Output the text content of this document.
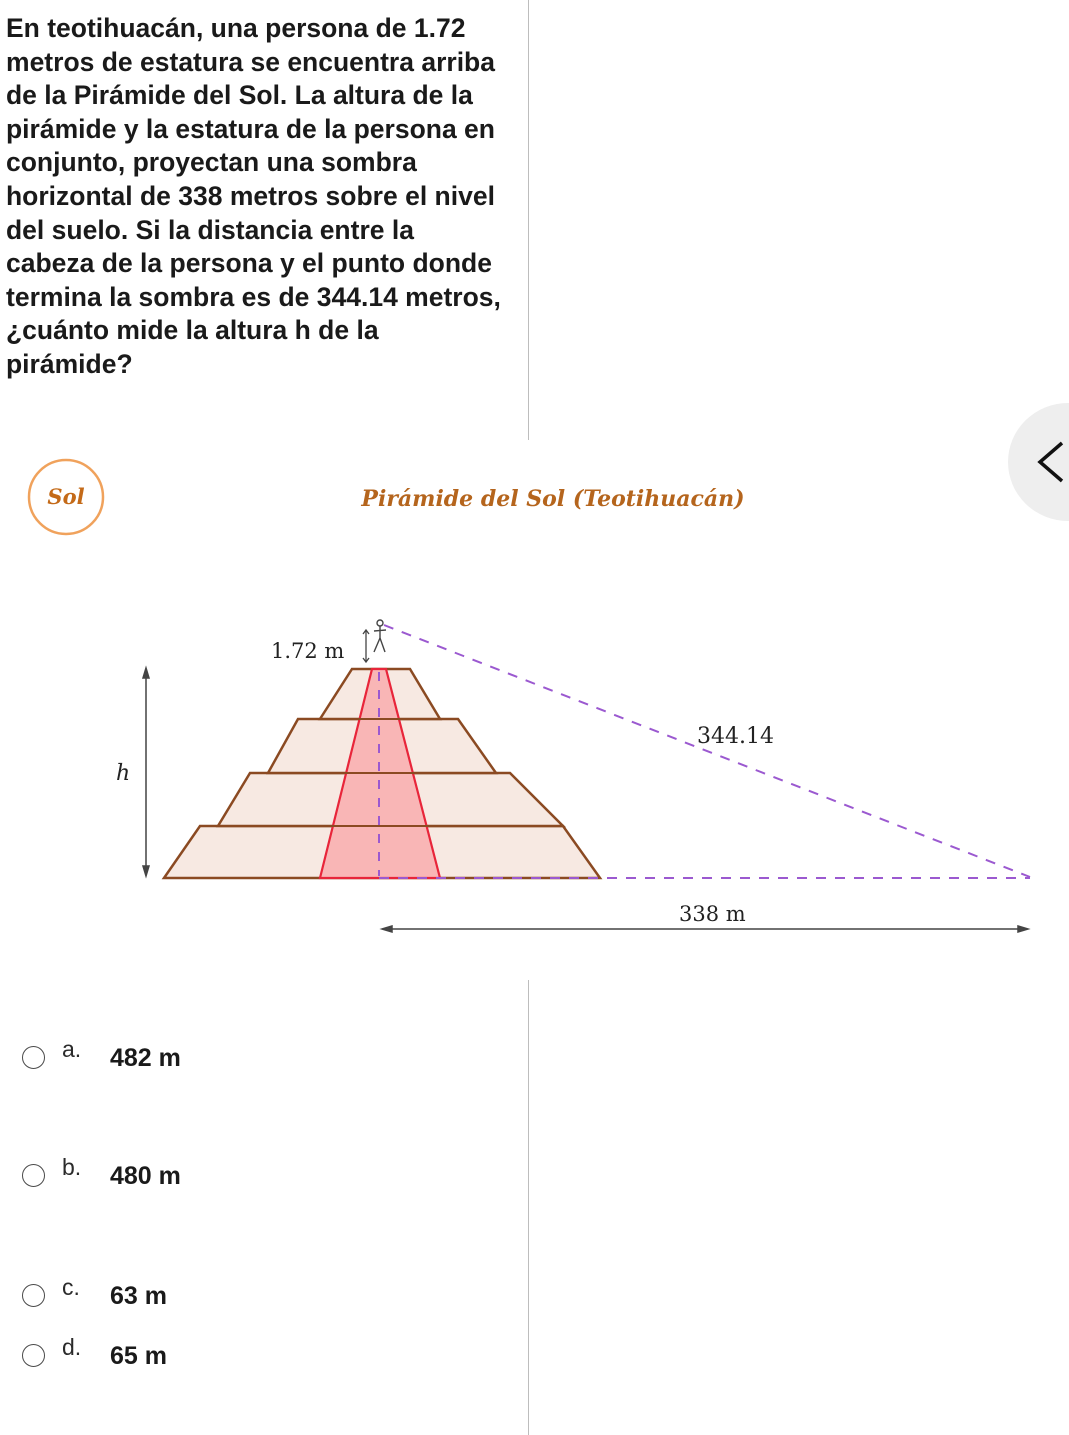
En teotihuacán, una persona de 1.72 metros de estatura se encuentra arriba de la Pirámide del Sol. La altura de la pirámide y la estatura de la persona en conjunto, proyectan una sombra horizontal de 338 metros sobre el nivel del suelo. Si la distancia entre la cabeza de la persona y el punto donde termina la sombra es de 344.14 metros, ¿cuánto mide la altura h de la pirámide?

Sol	Pirámide del Sol (Teotihuacán)
1.72 m
h
344.14
338 m
a. 482 m
b. 480 m
c. 63 m
d. 65 m
